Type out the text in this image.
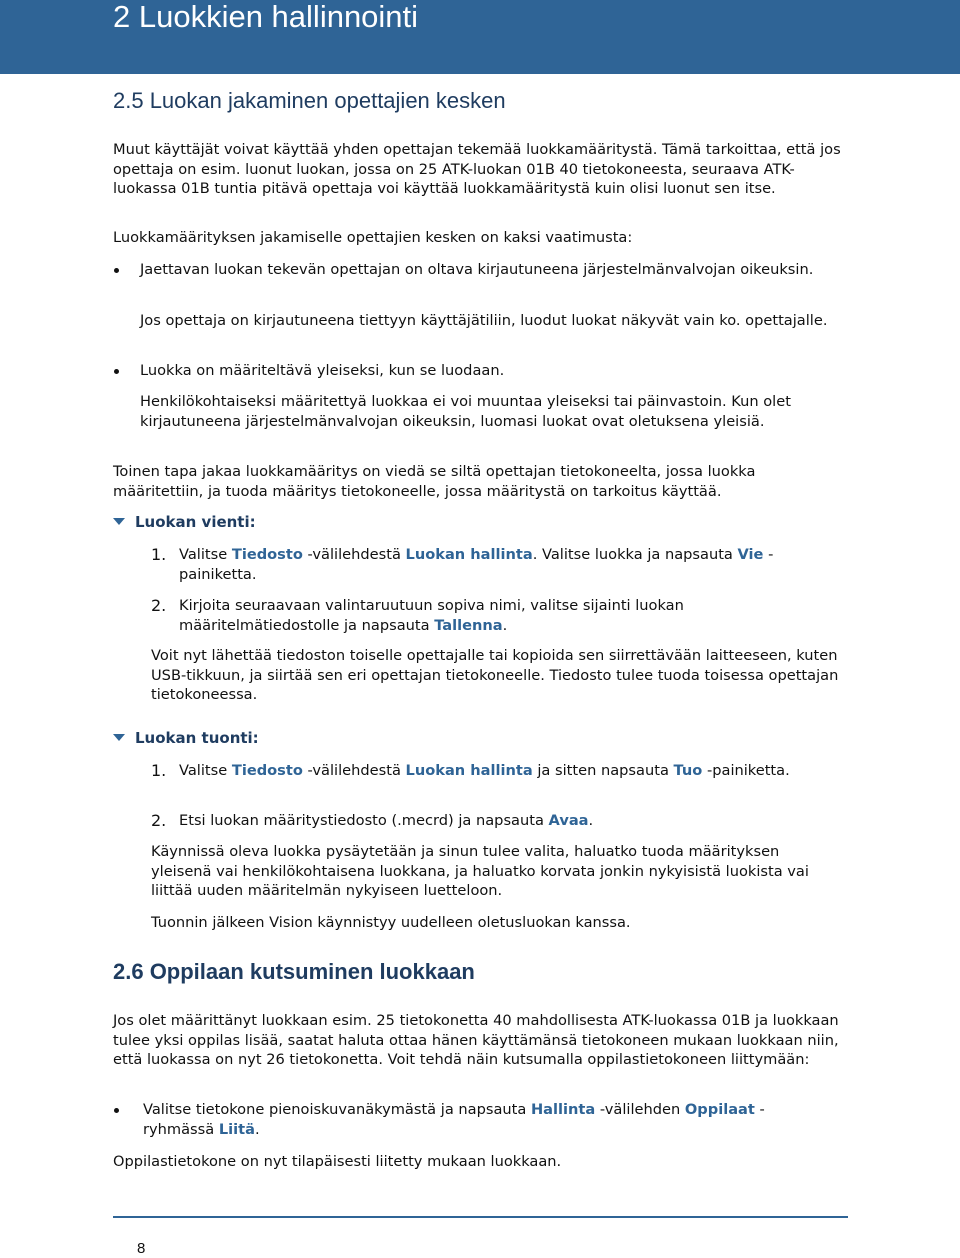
2 Luokkien hallinnointi
2.5 Luokan jakaminen opettajien kesken

Muut käyttäjät voivat käyttää yhden opettajan tekemää luokkamääritystä. Tämä tarkoittaa, että jos opettaja on esim. luonut luokan, jossa on 25 ATK-luokan 01B 40 tietokoneesta, seuraava ATK-luokassa 01B tuntia pitävä opettaja voi käyttää luokkamääritystä kuin olisi luonut sen itse.

Luokkamäärityksen jakamiselle opettajien kesken on kaksi vaatimusta:

Jaettavan luokan tekevän opettajan on oltava kirjautuneena järjestelmänvalvojan oikeuksin.

Jos opettaja on kirjautuneena tiettyyn käyttäjätiliin, luodut luokat näkyvät vain ko. opettajalle.

Luokka on määriteltävä yleiseksi, kun se luodaan.

Henkilökohtaiseksi määritettyä luokkaa ei voi muuntaa yleiseksi tai päinvastoin. Kun olet kirjautuneena järjestelmänvalvojan oikeuksin, luomasi luokat ovat oletuksena yleisiä.

Toinen tapa jakaa luokkamääritys on viedä se siltä opettajan tietokoneelta, jossa luokka määritettiin, ja tuoda määritys tietokoneelle, jossa määritystä on tarkoitus käyttää.

Luokan vienti:
1. Valitse Tiedosto -välilehdestä Luokan hallinta. Valitse luokka ja napsauta Vie -painiketta.

2. Kirjoita seuraavaan valintaruutuun sopiva nimi, valitse sijainti luokan määritelmätiedostolle ja napsauta Tallenna.

Voit nyt lähettää tiedoston toiselle opettajalle tai kopioida sen siirrettävään laitteeseen, kuten USB-tikkuun, ja siirtää sen eri opettajan tietokoneelle. Tiedosto tulee tuoda toisessa opettajan tietokoneessa.

Luokan tuonti:
1. Valitse Tiedosto -välilehdestä Luokan hallinta ja sitten napsauta Tuo -painiketta.

2. Etsi luokan määritystiedosto (.mecrd) ja napsauta Avaa.

Käynnissä oleva luokka pysäytetään ja sinun tulee valita, haluatko tuoda määrityksen yleisenä vai henkilökohtaisena luokkana, ja haluatko korvata jonkin nykyisistä luokista vai liittää uuden määritelmän nykyiseen luetteloon.

Tuonnin jälkeen Vision käynnistyy uudelleen oletusluokan kanssa.

2.6 Oppilaan kutsuminen luokkaan

Jos olet määrittänyt luokkaan esim. 25 tietokonetta 40 mahdollisesta ATK-luokassa 01B ja luokkaan tulee yksi oppilas lisää, saatat haluta ottaa hänen käyttämänsä tietokoneen mukaan luokkaan niin, että luokassa on nyt 26 tietokonetta. Voit tehdä näin kutsumalla oppilastietokoneen liittymään:

Valitse tietokone pienoiskuvanäkymästä ja napsauta Hallinta -välilehden Oppilaat -ryhmässä Liitä.

Oppilastietokone on nyt tilapäisesti liitetty mukaan luokkaan.

8
